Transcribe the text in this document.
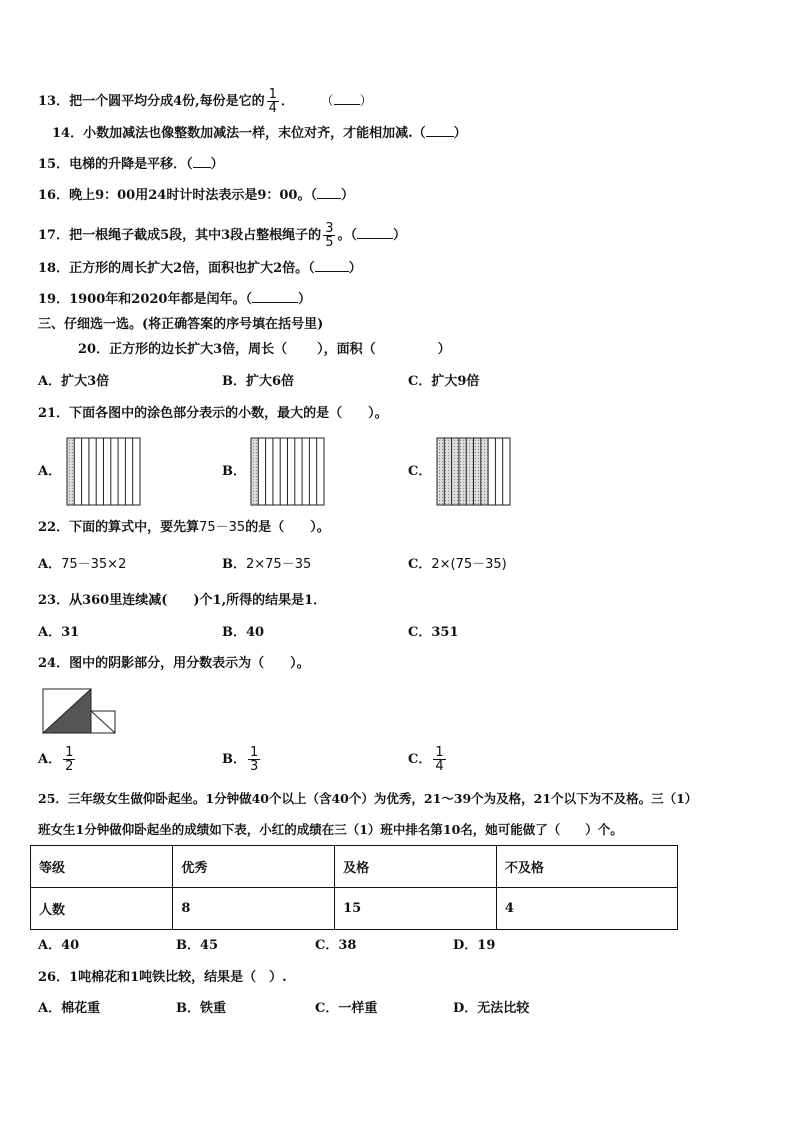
13．把一个圆平均分成4份,每份是它的 $\frac{1}{4}$ ． （ ）
14．小数加减法也像整数加减法一样，末位对齐，才能相加减.（ ）
15．电梯的升降是平移．（ ）
16．晚上9：00用24时计时法表示是9：00。（ ）
17．把一根绳子截成5段，其中3段占整根绳子的 $\frac{3}{5}$ 。（	）
18．正方形的周长扩大2倍，面积也扩大2倍。（	）
19．1900年和2020年都是闰年。（	）
三、仔细选一选。(将正确答案的序号填在括号里)
20．正方形的边长扩大3倍，周长（ ），面积（	）
A．扩大3倍	B．扩大6倍	C．扩大9倍
21．下面各图中的涂色部分表示的小数，最大的是（　　）。
A．	B．	C．
22．下面的算式中，要先算75－35的是（　　）。
A．75－35×2	B．2×75－35	C．2×(75－35)
23．从360里连续减(　　)个1,所得的结果是1．
A．31	B．40	C．351
24．图中的阴影部分，用分数表示为（　　）。
A． $\frac{1}{2}$	B． $\frac{1}{3}$	C． $\frac{1}{4}$
25．三年级女生做仰卧起坐。1分钟做40个以上（含40个）为优秀，21～39个为及格，21个以下为不及格。三（1）
班女生1分钟做仰卧起坐的成绩如下表，小红的成绩在三（1）班中排名第10名，她可能做了（　　）个。
等级	优秀	及格	不及格
人数	8	15	4
A．40	B．45	C．38	D．19
26．1吨棉花和1吨铁比较，结果是（　）.
A．棉花重	B．铁重	C．一样重	D．无法比较
